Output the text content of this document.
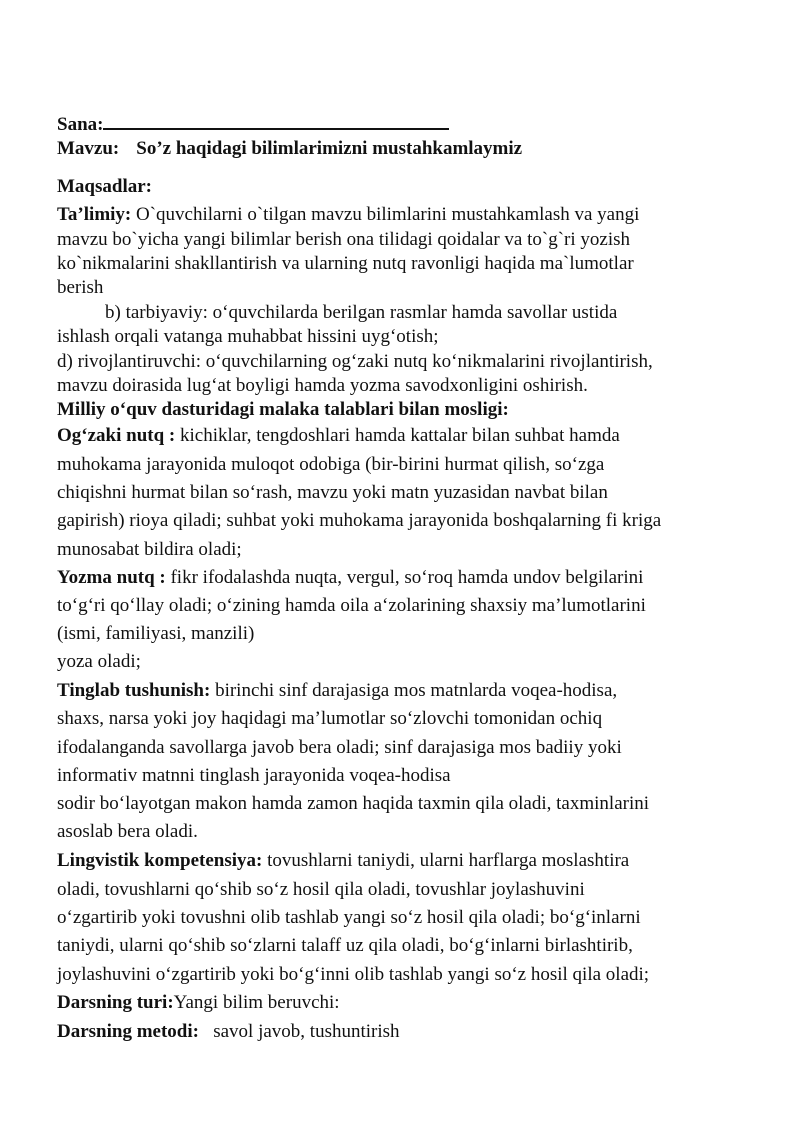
Sana:
Mavzu: So’z haqidagi bilimlarimizni mustahkamlaymiz
Maqsadlar:
Ta’limiy: O`quvchilarni o`tilgan mavzu bilimlarini mustahkamlash va yangi
mavzu bo`yicha yangi bilimlar berish ona tilidagi qoidalar va to`g`ri yozish
ko`nikmalarini shakllantirish va ularning nutq ravonligi haqida ma`lumotlar
berish
b) tarbiyaviy: o‘quvchilarda berilgan rasmlar hamda savollar ustida
ishlash orqali vatanga muhabbat hissini uyg‘otish;
d) rivojlantiruvchi: o‘quvchilarning og‘zaki nutq ko‘nikmalarini rivojlantirish,
mavzu doirasida lug‘at boyligi hamda yozma savodxonligini oshirish.
Milliy o‘quv dasturidagi malaka talablari bilan mosligi:
Og‘zaki nutq : kichiklar, tengdoshlari hamda kattalar bilan suhbat hamda
muhokama jarayonida muloqot odobiga (bir-birini hurmat qilish, so‘zga
chiqishni hurmat bilan so‘rash, mavzu yoki matn yuzasidan navbat bilan
gapirish) rioya qiladi; suhbat yoki muhokama jarayonida boshqalarning fi kriga
munosabat bildira oladi;
Yozma nutq : fikr ifodalashda nuqta, vergul, so‘roq hamda undov belgilarini
to‘g‘ri qo‘llay oladi; o‘zining hamda oila a‘zolarining shaxsiy ma’lumotlarini
(ismi, familiyasi, manzili)
yoza oladi;
Tinglab tushunish: birinchi sinf darajasiga mos matnlarda voqea-hodisa,
shaxs, narsa yoki joy haqidagi ma’lumotlar so‘zlovchi tomonidan ochiq
ifodalanganda savollarga javob bera oladi; sinf darajasiga mos badiiy yoki
informativ matnni tinglash jarayonida voqea-hodisa
sodir bo‘layotgan makon hamda zamon haqida taxmin qila oladi, taxminlarini
asoslab bera oladi.
Lingvistik kompetensiya: tovushlarni taniydi, ularni harflarga moslashtira
oladi, tovushlarni qo‘shib so‘z hosil qila oladi, tovushlar joylashuvini
o‘zgartirib yoki tovushni olib tashlab yangi so‘z hosil qila oladi; bo‘g‘inlarni
taniydi, ularni qo‘shib so‘zlarni talaff uz qila oladi, bo‘g‘inlarni birlashtirib,
joylashuvini o‘zgartirib yoki bo‘g‘inni olib tashlab yangi so‘z hosil qila oladi;
Darsning turi:Yangi bilim beruvchi:
Darsning metodi:   savol javob, tushuntirish
